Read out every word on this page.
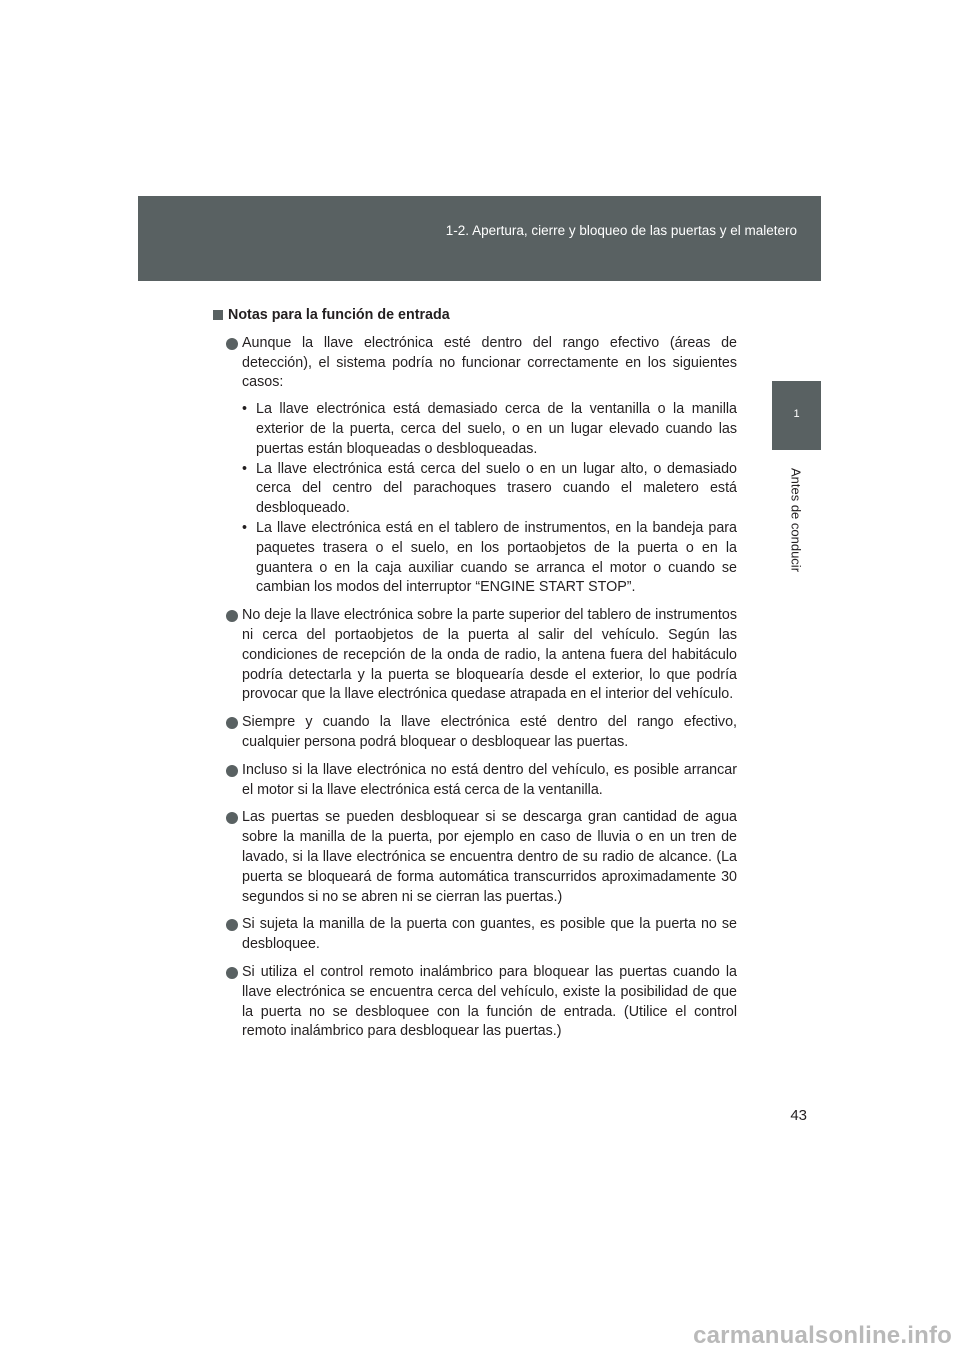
1-2. Apertura, cierre y bloqueo de las puertas y el maletero
1
Antes de conducir
Notas para la función de entrada
Aunque la llave electrónica esté dentro del rango efectivo (áreas de detección), el sistema podría no funcionar correctamente en los siguientes casos:
• La llave electrónica está demasiado cerca de la ventanilla o la manilla exterior de la puerta, cerca del suelo, o en un lugar elevado cuando las puertas están bloqueadas o desbloqueadas.
• La llave electrónica está cerca del suelo o en un lugar alto, o demasiado cerca del centro del parachoques trasero cuando el maletero está desbloqueado.
• La llave electrónica está en el tablero de instrumentos, en la bandeja para paquetes trasera o el suelo, en los portaobjetos de la puerta o en la guantera o en la caja auxiliar cuando se arranca el motor o cuando se cambian los modos del interruptor “ENGINE START STOP”.
No deje la llave electrónica sobre la parte superior del tablero de instrumentos ni cerca del portaobjetos de la puerta al salir del vehículo. Según las condiciones de recepción de la onda de radio, la antena fuera del habitáculo podría detectarla y la puerta se bloquearía desde el exterior, lo que podría provocar que la llave electrónica quedase atrapada en el interior del vehículo.
Siempre y cuando la llave electrónica esté dentro del rango efectivo, cualquier persona podrá bloquear o desbloquear las puertas.
Incluso si la llave electrónica no está dentro del vehículo, es posible arrancar el motor si la llave electrónica está cerca de la ventanilla.
Las puertas se pueden desbloquear si se descarga gran cantidad de agua sobre la manilla de la puerta, por ejemplo en caso de lluvia o en un tren de lavado, si la llave electrónica se encuentra dentro de su radio de alcance. (La puerta se bloqueará de forma automática transcurridos aproximadamente 30 segundos si no se abren ni se cierran las puertas.)
Si sujeta la manilla de la puerta con guantes, es posible que la puerta no se desbloquee.
Si utiliza el control remoto inalámbrico para bloquear las puertas cuando la llave electrónica se encuentra cerca del vehículo, existe la posibilidad de que la puerta no se desbloquee con la función de entrada. (Utilice el control remoto inalámbrico para desbloquear las puertas.)
43
carmanualsonline.info
